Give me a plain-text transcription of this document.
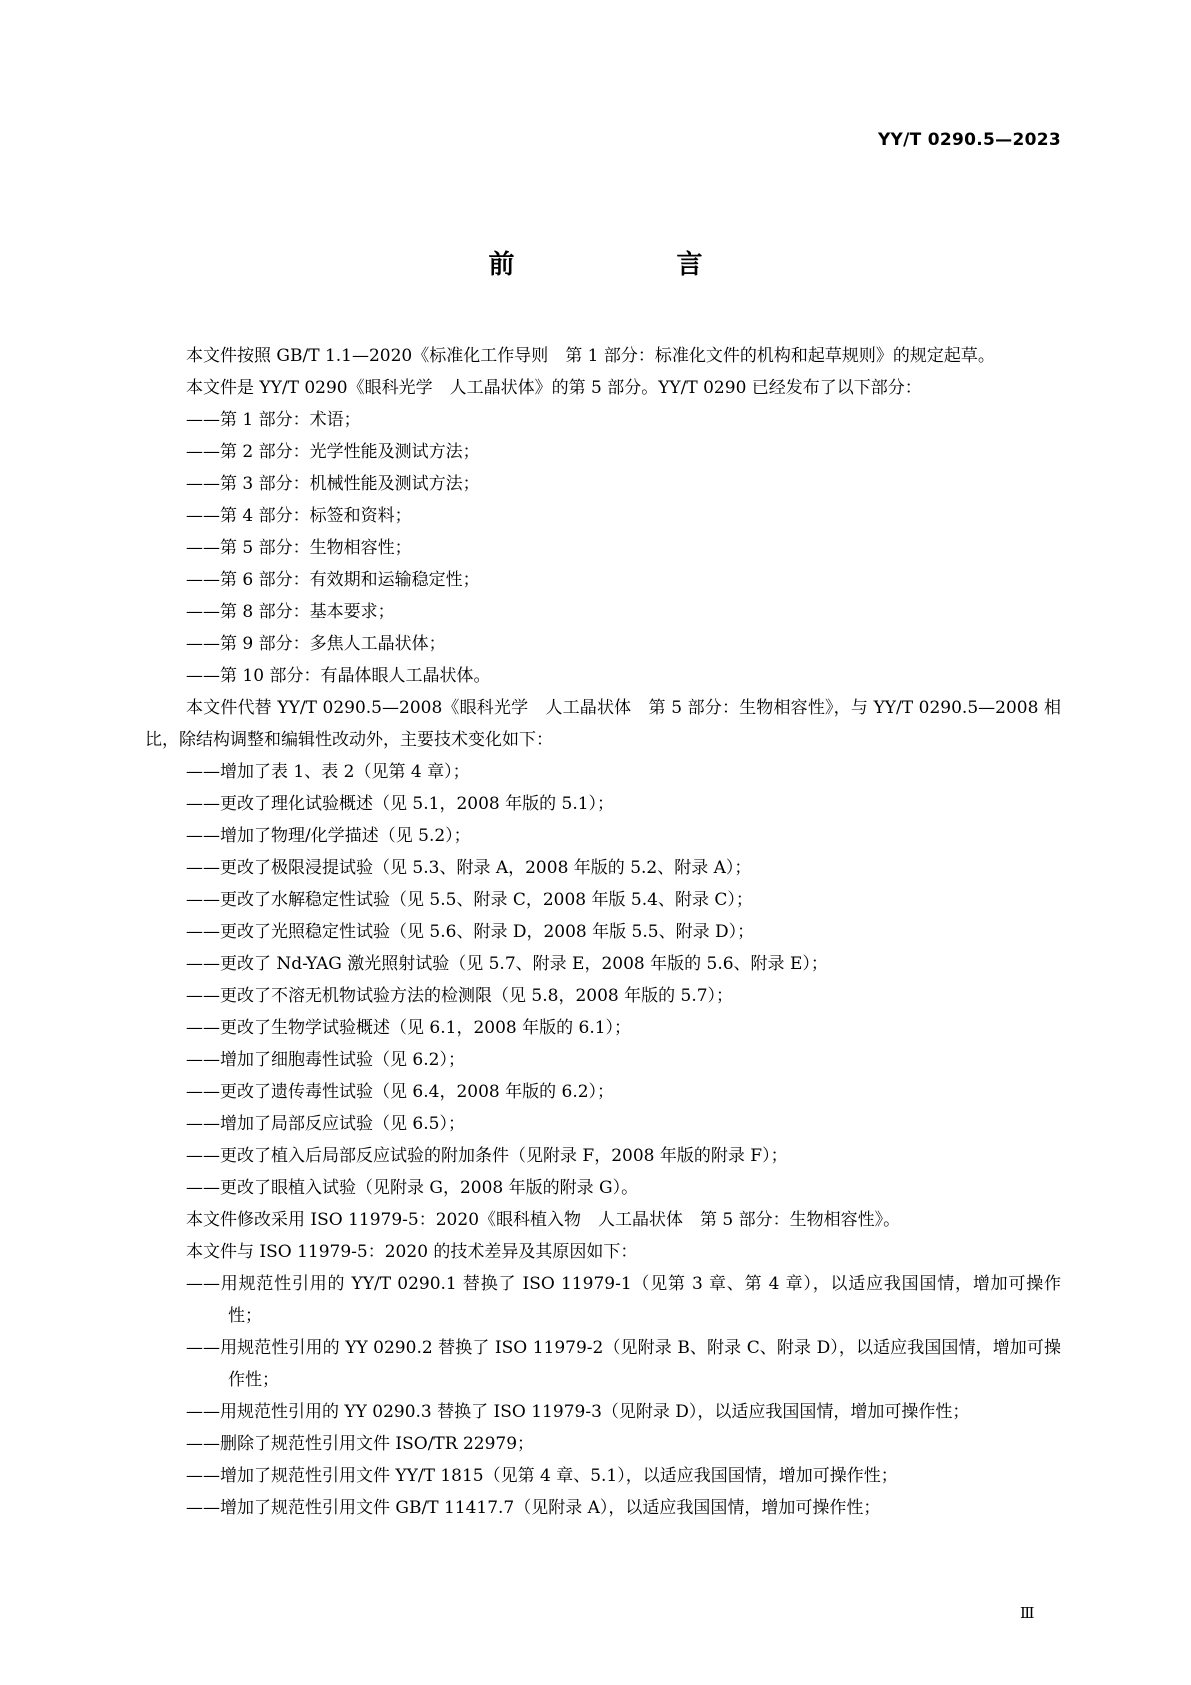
YY/T 0290.5—2023
前　言
本文件按照 GB/T 1.1—2020《标准化工作导则　第 1 部分：标准化文件的机构和起草规则》的规定起草。
本文件是 YY/T 0290《眼科光学　人工晶状体》的第 5 部分。YY/T 0290 已经发布了以下部分：
——第 1 部分：术语；
——第 2 部分：光学性能及测试方法；
——第 3 部分：机械性能及测试方法；
——第 4 部分：标签和资料；
——第 5 部分：生物相容性；
——第 6 部分：有效期和运输稳定性；
——第 8 部分：基本要求；
——第 9 部分：多焦人工晶状体；
——第 10 部分：有晶体眼人工晶状体。
本文件代替 YY/T 0290.5—2008《眼科光学　人工晶状体　第 5 部分：生物相容性》，与 YY/T 0290.5—2008 相比，除结构调整和编辑性改动外，主要技术变化如下：
——增加了表 1、表 2（见第 4 章）；
——更改了理化试验概述（见 5.1，2008 年版的 5.1）；
——增加了物理/化学描述（见 5.2）；
——更改了极限浸提试验（见 5.3、附录 A，2008 年版的 5.2、附录 A）；
——更改了水解稳定性试验（见 5.5、附录 C，2008 年版 5.4、附录 C）；
——更改了光照稳定性试验（见 5.6、附录 D，2008 年版 5.5、附录 D）；
——更改了 Nd-YAG 激光照射试验（见 5.7、附录 E，2008 年版的 5.6、附录 E）；
——更改了不溶无机物试验方法的检测限（见 5.8，2008 年版的 5.7）；
——更改了生物学试验概述（见 6.1，2008 年版的 6.1）；
——增加了细胞毒性试验（见 6.2）；
——更改了遗传毒性试验（见 6.4，2008 年版的 6.2）；
——增加了局部反应试验（见 6.5）；
——更改了植入后局部反应试验的附加条件（见附录 F，2008 年版的附录 F）；
——更改了眼植入试验（见附录 G，2008 年版的附录 G）。
本文件修改采用 ISO 11979-5：2020《眼科植入物　人工晶状体　第 5 部分：生物相容性》。
本文件与 ISO 11979-5：2020 的技术差异及其原因如下：
——用规范性引用的 YY/T 0290.1 替换了 ISO 11979-1（见第 3 章、第 4 章），以适应我国国情，增加可操作性；
——用规范性引用的 YY 0290.2 替换了 ISO 11979-2（见附录 B、附录 C、附录 D），以适应我国国情，增加可操作性；
——用规范性引用的 YY 0290.3 替换了 ISO 11979-3（见附录 D），以适应我国国情，增加可操作性；
——删除了规范性引用文件 ISO/TR 22979；
——增加了规范性引用文件 YY/T 1815（见第 4 章、5.1），以适应我国国情，增加可操作性；
——增加了规范性引用文件 GB/T 11417.7（见附录 A），以适应我国国情，增加可操作性；
Ⅲ
